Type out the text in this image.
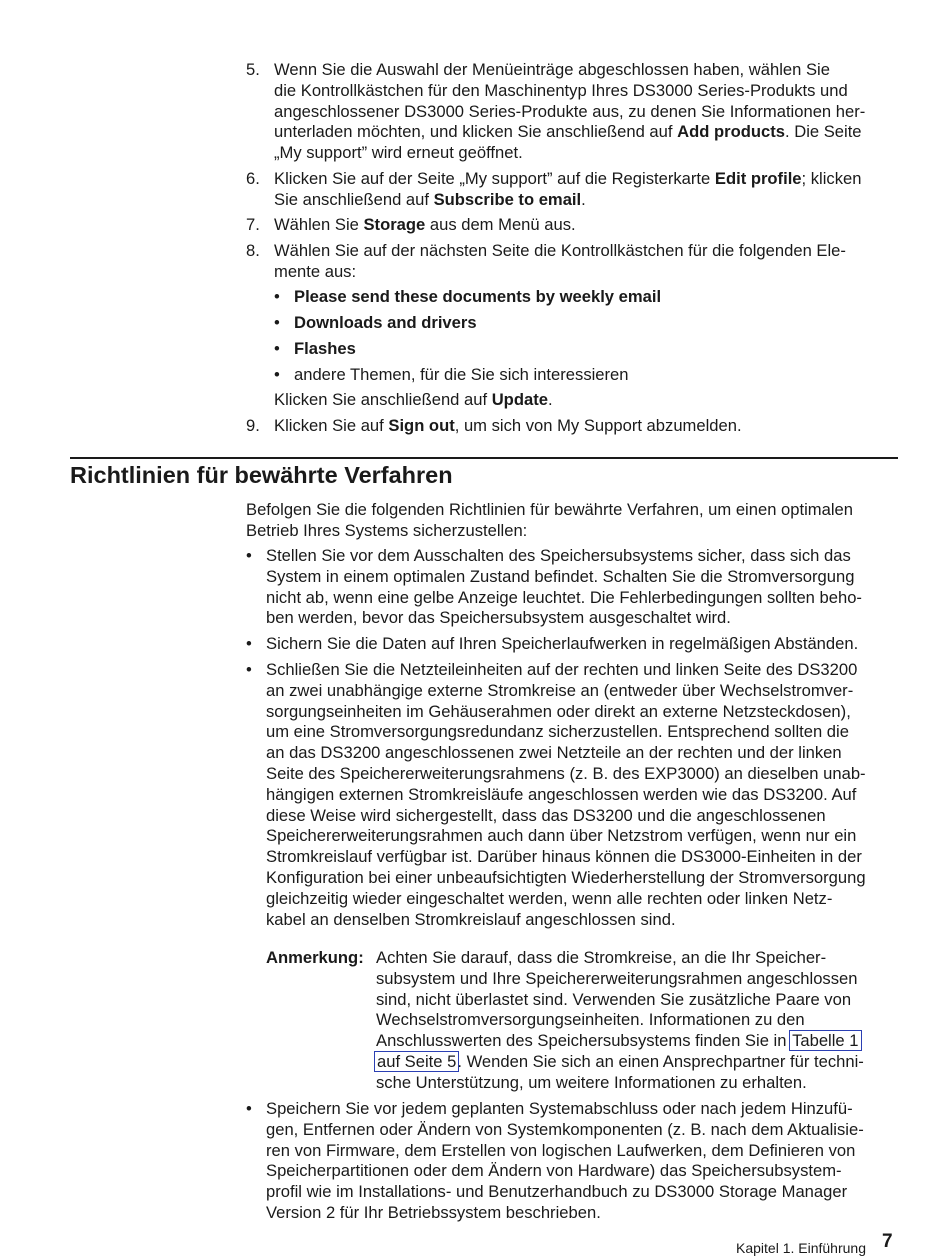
5. Wenn Sie die Auswahl der Menüeinträge abgeschlossen haben, wählen Sie
die Kontrollkästchen für den Maschinentyp Ihres DS3000 Series-Produkts und
angeschlossener DS3000 Series-Produkte aus, zu denen Sie Informationen her-
unterladen möchten, und klicken Sie anschließend auf Add products. Die Seite
„My support” wird erneut geöffnet.
6. Klicken Sie auf der Seite „My support” auf die Registerkarte Edit profile; klicken
Sie anschließend auf Subscribe to email.
7. Wählen Sie Storage aus dem Menü aus.
8. Wählen Sie auf der nächsten Seite die Kontrollkästchen für die folgenden Ele-
mente aus:
• Please send these documents by weekly email
• Downloads and drivers
• Flashes
• andere Themen, für die Sie sich interessieren
Klicken Sie anschließend auf Update.
9. Klicken Sie auf Sign out, um sich von My Support abzumelden.
Richtlinien für bewährte Verfahren
Befolgen Sie die folgenden Richtlinien für bewährte Verfahren, um einen optimalen
Betrieb Ihres Systems sicherzustellen:
• Stellen Sie vor dem Ausschalten des Speichersubsystems sicher, dass sich das
System in einem optimalen Zustand befindet. Schalten Sie die Stromversorgung
nicht ab, wenn eine gelbe Anzeige leuchtet. Die Fehlerbedingungen sollten beho-
ben werden, bevor das Speichersubsystem ausgeschaltet wird.
• Sichern Sie die Daten auf Ihren Speicherlaufwerken in regelmäßigen Abständen.
• Schließen Sie die Netzteileinheiten auf der rechten und linken Seite des DS3200
an zwei unabhängige externe Stromkreise an (entweder über Wechselstromver-
sorgungseinheiten im Gehäuserahmen oder direkt an externe Netzsteckdosen),
um eine Stromversorgungsredundanz sicherzustellen. Entsprechend sollten die
an das DS3200 angeschlossenen zwei Netzteile an der rechten und der linken
Seite des Speichererweiterungsrahmens (z. B. des EXP3000) an dieselben unab-
hängigen externen Stromkreisläufe angeschlossen werden wie das DS3200. Auf
diese Weise wird sichergestellt, dass das DS3200 und die angeschlossenen
Speichererweiterungsrahmen auch dann über Netzstrom verfügen, wenn nur ein
Stromkreislauf verfügbar ist. Darüber hinaus können die DS3000-Einheiten in der
Konfiguration bei einer unbeaufsichtigten Wiederherstellung der Stromversorgung
gleichzeitig wieder eingeschaltet werden, wenn alle rechten oder linken Netz-
kabel an denselben Stromkreislauf angeschlossen sind.
Anmerkung: Achten Sie darauf, dass die Stromkreise, an die Ihr Speicher-
subsystem und Ihre Speichererweiterungsrahmen angeschlossen
sind, nicht überlastet sind. Verwenden Sie zusätzliche Paare von
Wechselstromversorgungseinheiten. Informationen zu den
Anschlusswerten des Speichersubsystems finden Sie in Tabelle 1
auf Seite 5. Wenden Sie sich an einen Ansprechpartner für techni-
sche Unterstützung, um weitere Informationen zu erhalten.
• Speichern Sie vor jedem geplanten Systemabschluss oder nach jedem Hinzufü-
gen, Entfernen oder Ändern von Systemkomponenten (z. B. nach dem Aktualisie-
ren von Firmware, dem Erstellen von logischen Laufwerken, dem Definieren von
Speicherpartitionen oder dem Ändern von Hardware) das Speichersubsystem-
profil wie im Installations- und Benutzerhandbuch zu DS3000 Storage Manager
Version 2 für Ihr Betriebssystem beschrieben.
Kapitel 1. Einführung 7
